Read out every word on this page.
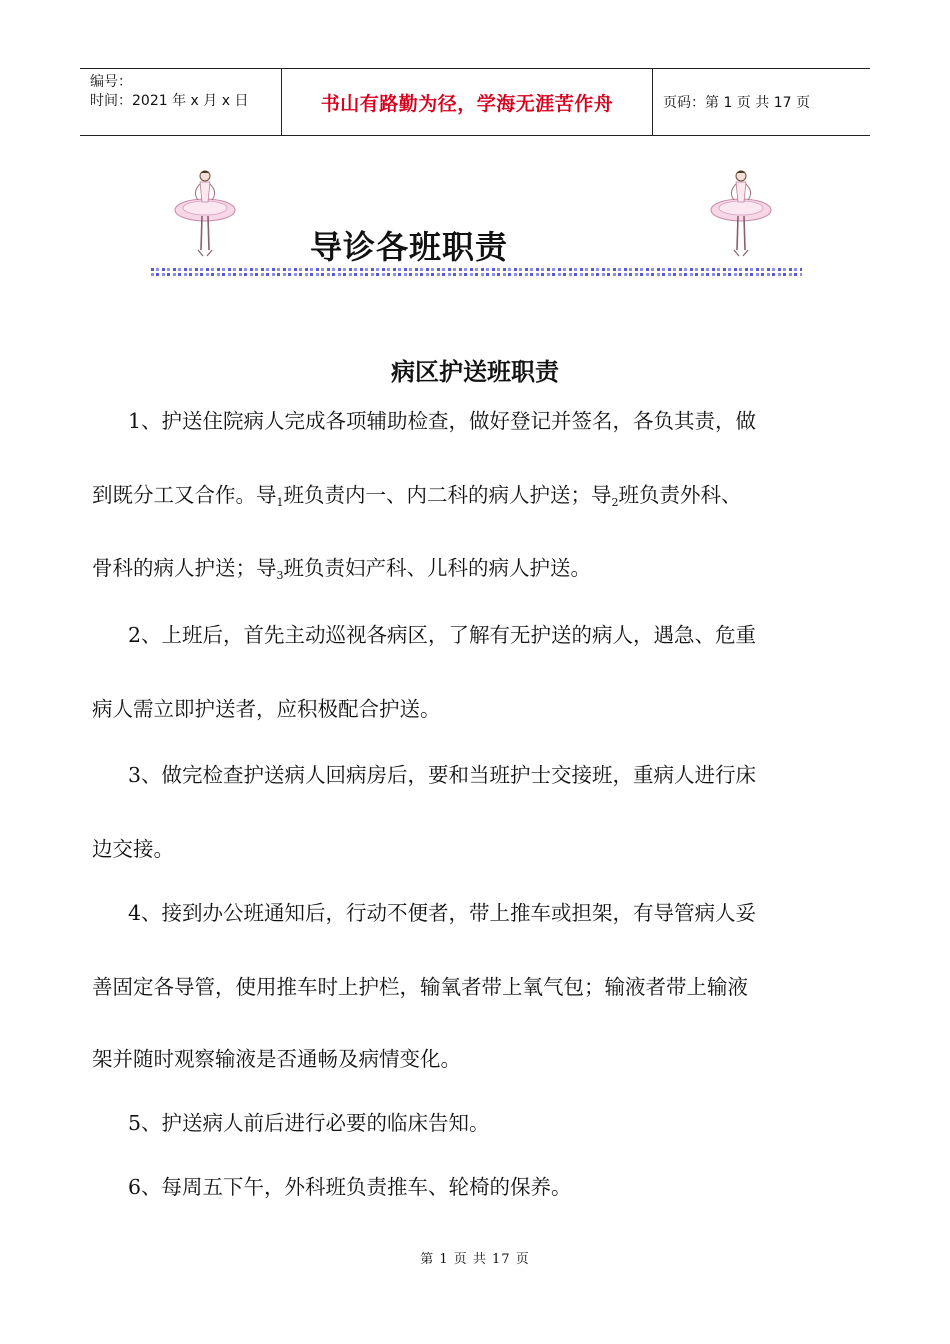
编号：
时间：2021 年 x 月 x 日	书山有路勤为径，学海无涯苦作舟	页码：第 1 页 共 17 页
导诊各班职责
病区护送班职责
1、护送住院病人完成各项辅助检查，做好登记并签名，各负其责，做
到既分工又合作。导$_1$班负责内一、内二科的病人护送；导$_2$班负责外科、
骨科的病人护送；导$_3$班负责妇产科、儿科的病人护送。
2、上班后，首先主动巡视各病区，了解有无护送的病人，遇急、危重
病人需立即护送者，应积极配合护送。
3、做完检查护送病人回病房后，要和当班护士交接班，重病人进行床
边交接。
4、接到办公班通知后，行动不便者，带上推车或担架，有导管病人妥
善固定各导管，使用推车时上护栏，输氧者带上氧气包；输液者带上输液
架并随时观察输液是否通畅及病情变化。
5、护送病人前后进行必要的临床告知。
6、每周五下午，外科班负责推车、轮椅的保养。
第 1 页 共 17 页
